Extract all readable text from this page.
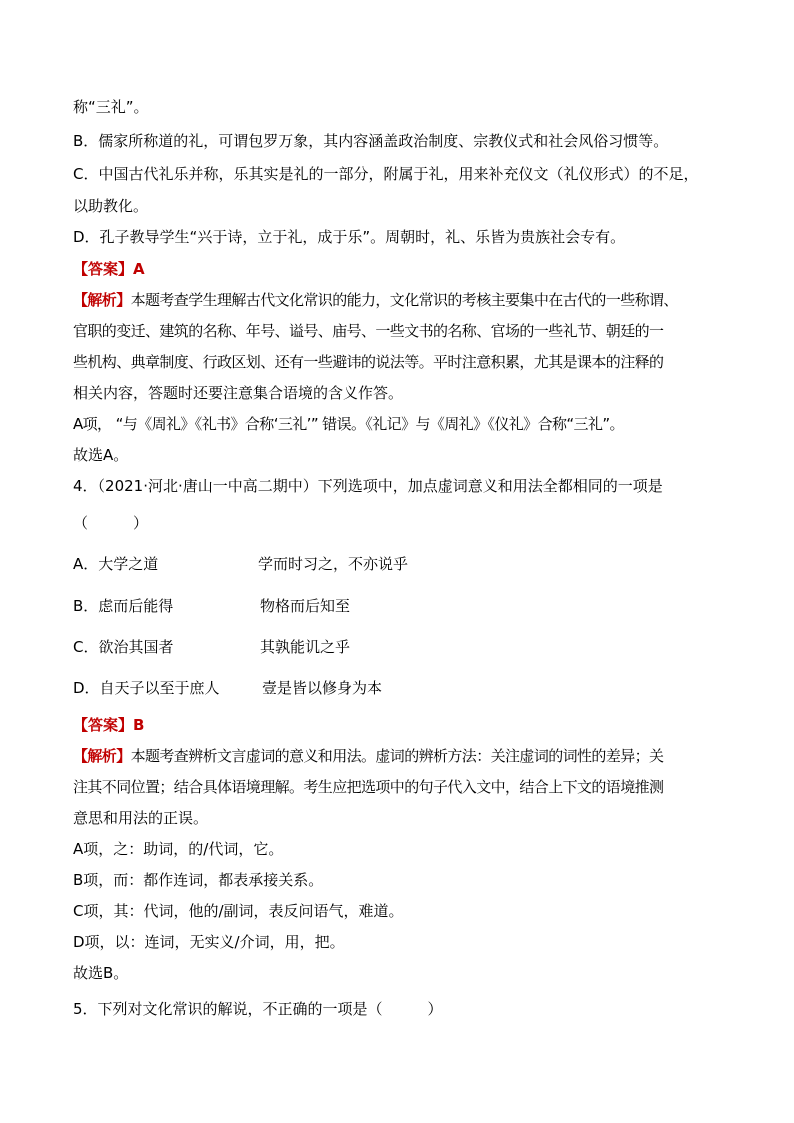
称“三礼”。
B．儒家所称道的礼，可谓包罗万象，其内容涵盖政治制度、宗教仪式和社会风俗习惯等。
C．中国古代礼乐并称，乐其实是礼的一部分，附属于礼，用来补充仪文（礼仪形式）的不足，
以助教化。
D．孔子教导学生“兴于诗，立于礼，成于乐”。周朝时，礼、乐皆为贵族社会专有。
【答案】A
【解析】本题考查学生理解古代文化常识的能力，文化常识的考核主要集中在古代的一些称谓、
官职的变迁、建筑的名称、年号、谥号、庙号、一些文书的名称、官场的一些礼节、朝廷的一
些机构、典章制度、行政区划、还有一些避讳的说法等。平时注意积累，尤其是课本的注释的
相关内容，答题时还要注意集合语境的含义作答。
A项， “与《周礼》《礼书》合称‘三礼’” 错误。《礼记》与《周礼》《仪礼》合称“三礼”。
故选A。
4．（2021·河北·唐山一中高二期中）下列选项中，加点虚词意义和用法全都相同的一项是
（　　　）
A．大学之道	学而时习之，不亦说乎
B．虑而后能得	物格而后知至
C．欲治其国者	其孰能讥之乎
D．自天子以至于庶人	壹是皆以修身为本
【答案】B
【解析】本题考查辨析文言虚词的意义和用法。虚词的辨析方法：关注虚词的词性的差异；关
注其不同位置；结合具体语境理解。考生应把选项中的句子代入文中，结合上下文的语境推测
意思和用法的正误。
A项，之：助词，的/代词，它。
B项，而：都作连词，都表承接关系。
C项，其：代词，他的/副词，表反问语气，难道。
D项，以：连词，无实义/介词，用，把。
故选B。
5．下列对文化常识的解说，不正确的一项是（　　　）
